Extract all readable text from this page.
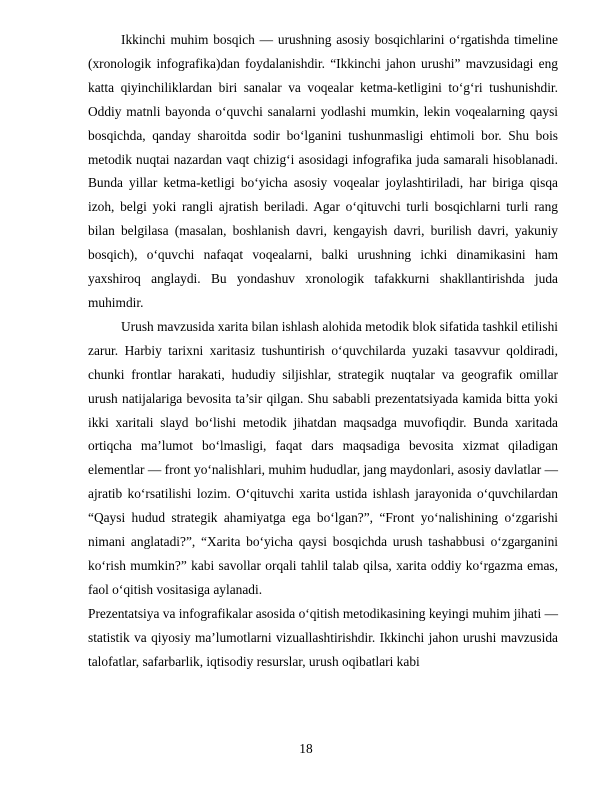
Ikkinchi muhim bosqich — urushning asosiy bosqichlarini o‘rgatishda timeline (xronologik infografika)dan foydalanishdir. “Ikkinchi jahon urushi” mavzusidagi eng katta qiyinchiliklardan biri sanalar va voqealar ketma-ketligini to‘g‘ri tushunishdir. Oddiy matnli bayonda o‘quvchi sanalarni yodlashi mumkin, lekin voqealarning qaysi bosqichda, qanday sharoitda sodir bo‘lganini tushunmasligi ehtimoli bor. Shu bois metodik nuqtai nazardan vaqt chizig‘i asosidagi infografika juda samarali hisoblanadi. Bunda yillar ketma-ketligi bo‘yicha asosiy voqealar joylashtiriladi, har biriga qisqa izoh, belgi yoki rangli ajratish beriladi. Agar o‘qituvchi turli bosqichlarni turli rang bilan belgilasa (masalan, boshlanish davri, kengayish davri, burilish davri, yakuniy bosqich), o‘quvchi nafaqat voqealarni, balki urushning ichki dinamikasini ham yaxshiroq anglaydi. Bu yondashuv xronologik tafakkurni shakllantirishda juda muhimdir.

Urush mavzusida xarita bilan ishlash alohida metodik blok sifatida tashkil etilishi zarur. Harbiy tarixni xaritasiz tushuntirish o‘quvchilarda yuzaki tasavvur qoldiradi, chunki frontlar harakati, hududiy siljishlar, strategik nuqtalar va geografik omillar urush natijalariga bevosita ta’sir qilgan. Shu sababli prezentatsiyada kamida bitta yoki ikki xaritali slayd bo‘lishi metodik jihatdan maqsadga muvofiqdir. Bunda xaritada ortiqcha ma’lumot bo‘lmasligi, faqat dars maqsadiga bevosita xizmat qiladigan elementlar — front yo‘nalishlari, muhim hududlar, jang maydonlari, asosiy davlatlar — ajratib ko‘rsatilishi lozim. O‘qituvchi xarita ustida ishlash jarayonida o‘quvchilardan “Qaysi hudud strategik ahamiyatga ega bo‘lgan?”, “Front yo‘nalishining o‘zgarishi nimani anglatadi?”, “Xarita bo‘yicha qaysi bosqichda urush tashabbusi o‘zgarganini ko‘rish mumkin?” kabi savollar orqali tahlil talab qilsa, xarita oddiy ko‘rgazma emas, faol o‘qitish vositasiga aylanadi.

Prezentatsiya va infografikalar asosida o‘qitish metodikasining keyingi muhim jihati — statistik va qiyosiy ma’lumotlarni vizuallashtirishdir. Ikkinchi jahon urushi mavzusida talofatlar, safarbarlik, iqtisodiy resurslar, urush oqibatlari kabi

18
